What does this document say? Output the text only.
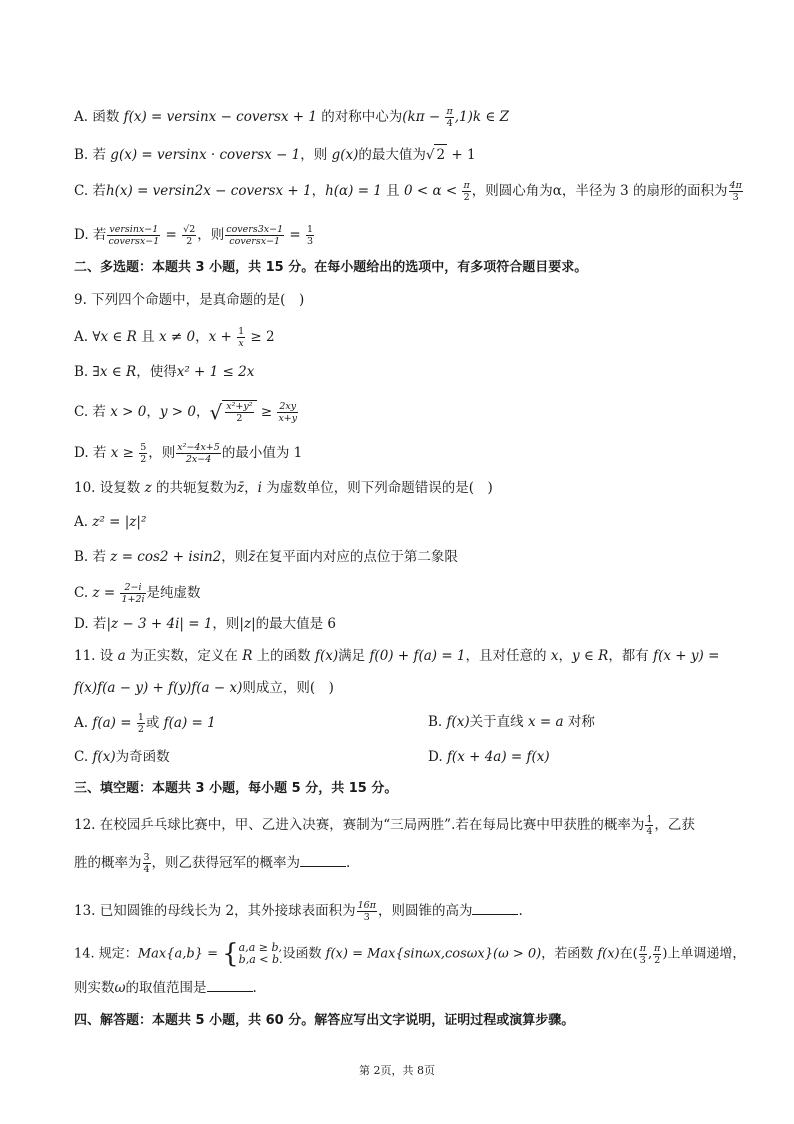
A. 函数 f(x) = versinx − coversx + 1 的对称中心为$(k\pi - \frac{\pi}{4} ,1)k$ ∈ Z
B. 若 g(x) = versinx · coversx − 1，则 g(x)的最大值为√ 2 + 1
C. 若h(x) = versin2x − coversx + 1，h(α) = 1 且 $0 < \alpha < \frac{\pi}{2}$ ，则圆心角为α，半径为 3 的扇形的面积为 $\frac{4\pi}{3}$
D. 若 $\frac{\text{versinx−1}}{\text{coversx−1}} = \frac{√2}{2}$ ，则 $\frac{\text{covers3x−1}}{\text{coversx−1}} = \frac{1}{3}$
二、多选题：本题共 3 小题，共 15 分。在每小题给出的选项中，有多项符合题目要求。
9. 下列四个命题中，是真命题的是(　)
A. ∀x ∈ R 且 x ≠ 0，$x + \frac{1}{x} \ge 2$
B. ∃x ∈ R，使得x² + 1 ≤ 2x
C. 若 x > 0，y > 0，√ $\frac{\text{x²+y²}}{2} \ge \frac{2xy}{x+y}$
D. 若 $x \ge \frac{5}{2}$ ，则 $\frac{\text{x²−4x+5}}{2x-4}$ 的最小值为 1
10. 设复数 z 的共轭复数为z̄，i 为虚数单位，则下列命题错误的是(　)
A. z² = |z|²
B. 若 z = cos2 + isin2，则z̄在复平面内对应的点位于第二象限
C. $z = \frac{2-i}{1+2i}$ 是纯虚数
D. 若|z − 3 + 4i| = 1，则|z|的最大值是 6
11. 设 a 为正实数，定义在 R 上的函数 f(x)满足 f(0) + f(a) = 1，且对任意的 x，y ∈ R，都有 f(x + y) =
f(x)f(a − y) + f(y)f(a − x)则成立，则(　)
A. $f(a) = \frac{1}{2}$ 或 f(a) = 1	B. f(x)关于直线 x = a 对称
C. f(x)为奇函数	D. f(x + 4a) = f(x)
三、填空题：本题共 3 小题，每小题 5 分，共 15 分。
12. 在校园乒乓球比赛中，甲、乙进入决赛，赛制为“三局两胜”.若在每局比赛中甲获胜的概率为 $\frac{1}{4}$ ，乙获
胜的概率为 $\frac{3}{4}$ ，则乙获得冠军的概率为	.
13. 已知圆锥的母线长为 2，其外接球表面积为 $\frac{16\pi}{3}$ ，则圆锥的高为	.
14. 规定：Max{a,b} = { a,a ≥ b,
b,a < b. 设函数 f(x) = Max{sinωx,cosωx}(ω > 0)，若函数 f(x)在( $\frac{\pi}{3}$ , $\frac{\pi}{2}$ )上单调递增，
则实数ω的取值范围是	.
四、解答题：本题共 5 小题，共 60 分。解答应写出文字说明，证明过程或演算步骤。
第 2页，共 8页
